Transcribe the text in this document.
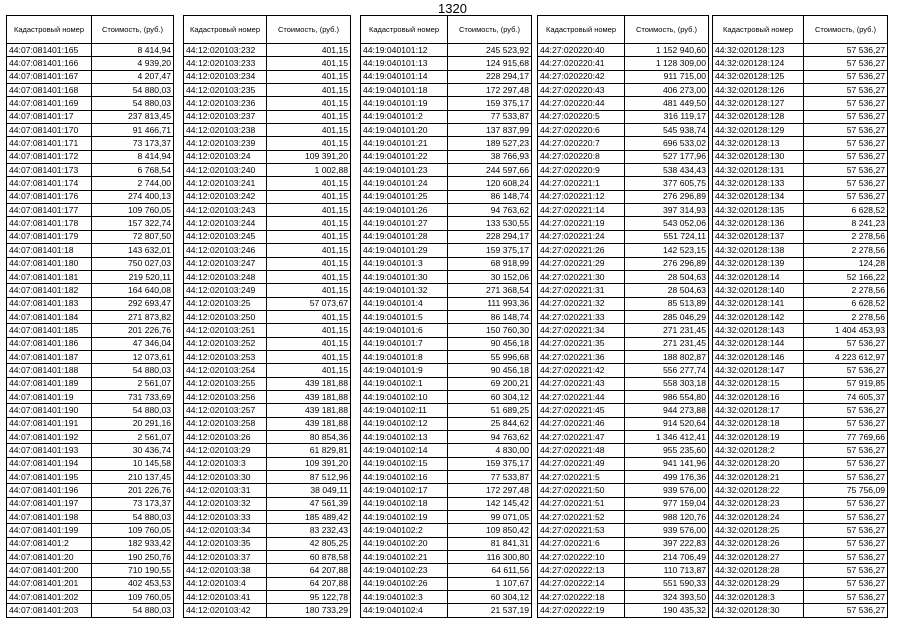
1320
Кадастровый номер	Стоимость, (руб.)
44:07:081401:165	8 414,94
44:07:081401:166	4 939,20
44:07:081401:167	4 207,47
44:07:081401:168	54 880,03
44:07:081401:169	54 880,03
44:07:081401:17	237 813,45
44:07:081401:170	91 466,71
44:07:081401:171	73 173,37
44:07:081401:172	8 414,94
44:07:081401:173	6 768,54
44:07:081401:174	2 744,00
44:07:081401:176	274 400,13
44:07:081401:177	109 760,05
44:07:081401:178	157 322,74
44:07:081401:179	72 807,50
44:07:081401:18	143 632,01
44:07:081401:180	750 027,03
44:07:081401:181	219 520,11
44:07:081401:182	164 640,08
44:07:081401:183	292 693,47
44:07:081401:184	271 873,82
44:07:081401:185	201 226,76
44:07:081401:186	47 346,04
44:07:081401:187	12 073,61
44:07:081401:188	54 880,03
44:07:081401:189	2 561,07
44:07:081401:19	731 733,69
44:07:081401:190	54 880,03
44:07:081401:191	20 291,16
44:07:081401:192	2 561,07
44:07:081401:193	30 436,74
44:07:081401:194	10 145,58
44:07:081401:195	210 137,45
44:07:081401:196	201 226,76
44:07:081401:197	73 173,37
44:07:081401:198	54 880,03
44:07:081401:199	109 760,05
44:07:081401:2	182 933,42
44:07:081401:20	190 250,76
44:07:081401:200	710 190,55
44:07:081401:201	402 453,53
44:07:081401:202	109 760,05
44:07:081401:203	54 880,03
Кадастровый номер	Стоимость, (руб.)
44:12:020103:232	401,15
44:12:020103:233	401,15
44:12:020103:234	401,15
44:12:020103:235	401,15
44:12:020103:236	401,15
44:12:020103:237	401,15
44:12:020103:238	401,15
44:12:020103:239	401,15
44:12:020103:24	109 391,20
44:12:020103:240	1 002,88
44:12:020103:241	401,15
44:12:020103:242	401,15
44:12:020103:243	401,15
44:12:020103:244	401,15
44:12:020103:245	401,15
44:12:020103:246	401,15
44:12:020103:247	401,15
44:12:020103:248	401,15
44:12:020103:249	401,15
44:12:020103:25	57 073,67
44:12:020103:250	401,15
44:12:020103:251	401,15
44:12:020103:252	401,15
44:12:020103:253	401,15
44:12:020103:254	401,15
44:12:020103:255	439 181,88
44:12:020103:256	439 181,88
44:12:020103:257	439 181,88
44:12:020103:258	439 181,88
44:12:020103:26	80 854,36
44:12:020103:29	61 829,81
44:12:020103:3	109 391,20
44:12:020103:30	87 512,96
44:12:020103:31	38 049,11
44:12:020103:32	47 561,39
44:12:020103:33	185 489,42
44:12:020103:34	83 232,43
44:12:020103:35	42 805,25
44:12:020103:37	60 878,58
44:12:020103:38	64 207,88
44:12:020103:4	64 207,88
44:12:020103:41	95 122,78
44:12:020103:42	180 733,29
Кадастровый номер	Стоимость, (руб.)
44:19:040101:12	245 523,92
44:19:040101:13	124 915,68
44:19:040101:14	228 294,17
44:19:040101:18	172 297,48
44:19:040101:19	159 375,17
44:19:040101:2	77 533,87
44:19:040101:20	137 837,99
44:19:040101:21	189 527,23
44:19:040101:22	38 766,93
44:19:040101:23	244 597,66
44:19:040101:24	120 608,24
44:19:040101:25	86 148,74
44:19:040101:26	94 763,62
44:19:040101:27	133 530,55
44:19:040101:28	228 294,17
44:19:040101:29	159 375,17
44:19:040101:3	68 918,99
44:19:040101:30	30 152,06
44:19:040101:32	271 368,54
44:19:040101:4	111 993,36
44:19:040101:5	86 148,74
44:19:040101:6	150 760,30
44:19:040101:7	90 456,18
44:19:040101:8	55 996,68
44:19:040101:9	90 456,18
44:19:040102:1	69 200,21
44:19:040102:10	60 304,12
44:19:040102:11	51 689,25
44:19:040102:12	25 844,62
44:19:040102:13	94 763,62
44:19:040102:14	4 830,00
44:19:040102:15	159 375,17
44:19:040102:16	77 533,87
44:19:040102:17	172 297,48
44:19:040102:18	142 145,42
44:19:040102:19	99 071,05
44:19:040102:2	109 850,42
44:19:040102:20	81 841,31
44:19:040102:21	116 300,80
44:19:040102:23	64 611,56
44:19:040102:26	1 107,67
44:19:040102:3	60 304,12
44:19:040102:4	21 537,19
Кадастровый номер	Стоимость, (руб.)
44:27:020220:40	1 152 940,60
44:27:020220:41	1 128 309,00
44:27:020220:42	911 715,00
44:27:020220:43	406 273,00
44:27:020220:44	481 449,50
44:27:020220:5	316 119,17
44:27:020220:6	545 938,74
44:27:020220:7	696 533,02
44:27:020220:8	527 177,96
44:27:020220:9	538 434,43
44:27:020221:1	377 605,75
44:27:020221:12	276 296,89
44:27:020221:14	397 314,93
44:27:020221:19	543 052,06
44:27:020221:24	551 724,11
44:27:020221:26	142 523,15
44:27:020221:29	276 296,89
44:27:020221:30	28 504,63
44:27:020221:31	28 504,63
44:27:020221:32	85 513,89
44:27:020221:33	285 046,29
44:27:020221:34	271 231,45
44:27:020221:35	271 231,45
44:27:020221:36	188 802,87
44:27:020221:42	556 277,74
44:27:020221:43	558 303,18
44:27:020221:44	986 554,80
44:27:020221:45	944 273,88
44:27:020221:46	914 520,64
44:27:020221:47	1 346 412,41
44:27:020221:48	955 235,60
44:27:020221:49	941 141,96
44:27:020221:5	499 176,36
44:27:020221:50	939 576,00
44:27:020221:51	977 159,04
44:27:020221:52	988 120,76
44:27:020221:53	939 576,00
44:27:020221:6	397 222,83
44:27:020222:10	214 706,49
44:27:020222:13	110 713,87
44:27:020222:14	551 590,33
44:27:020222:18	324 393,50
44:27:020222:19	190 435,32
Кадастровый номер	Стоимость, (руб.)
44:32:020128:123	57 536,27
44:32:020128:124	57 536,27
44:32:020128:125	57 536,27
44:32:020128:126	57 536,27
44:32:020128:127	57 536,27
44:32:020128:128	57 536,27
44:32:020128:129	57 536,27
44:32:020128:13	57 536,27
44:32:020128:130	57 536,27
44:32:020128:131	57 536,27
44:32:020128:133	57 536,27
44:32:020128:134	57 536,27
44:32:020128:135	6 628,52
44:32:020128:136	8 241,23
44:32:020128:137	2 278,56
44:32:020128:138	2 278,56
44:32:020128:139	124,28
44:32:020128:14	52 166,22
44:32:020128:140	2 278,56
44:32:020128:141	6 628,52
44:32:020128:142	2 278,56
44:32:020128:143	1 404 453,93
44:32:020128:144	57 536,27
44:32:020128:146	4 223 612,97
44:32:020128:147	57 536,27
44:32:020128:15	57 919,85
44:32:020128:16	74 605,37
44:32:020128:17	57 536,27
44:32:020128:18	57 536,27
44:32:020128:19	77 769,66
44:32:020128:2	57 536,27
44:32:020128:20	57 536,27
44:32:020128:21	57 536,27
44:32:020128:22	75 756,09
44:32:020128:23	57 536,27
44:32:020128:24	57 536,27
44:32:020128:25	57 536,27
44:32:020128:26	57 536,27
44:32:020128:27	57 536,27
44:32:020128:28	57 536,27
44:32:020128:29	57 536,27
44:32:020128:3	57 536,27
44:32:020128:30	57 536,27
